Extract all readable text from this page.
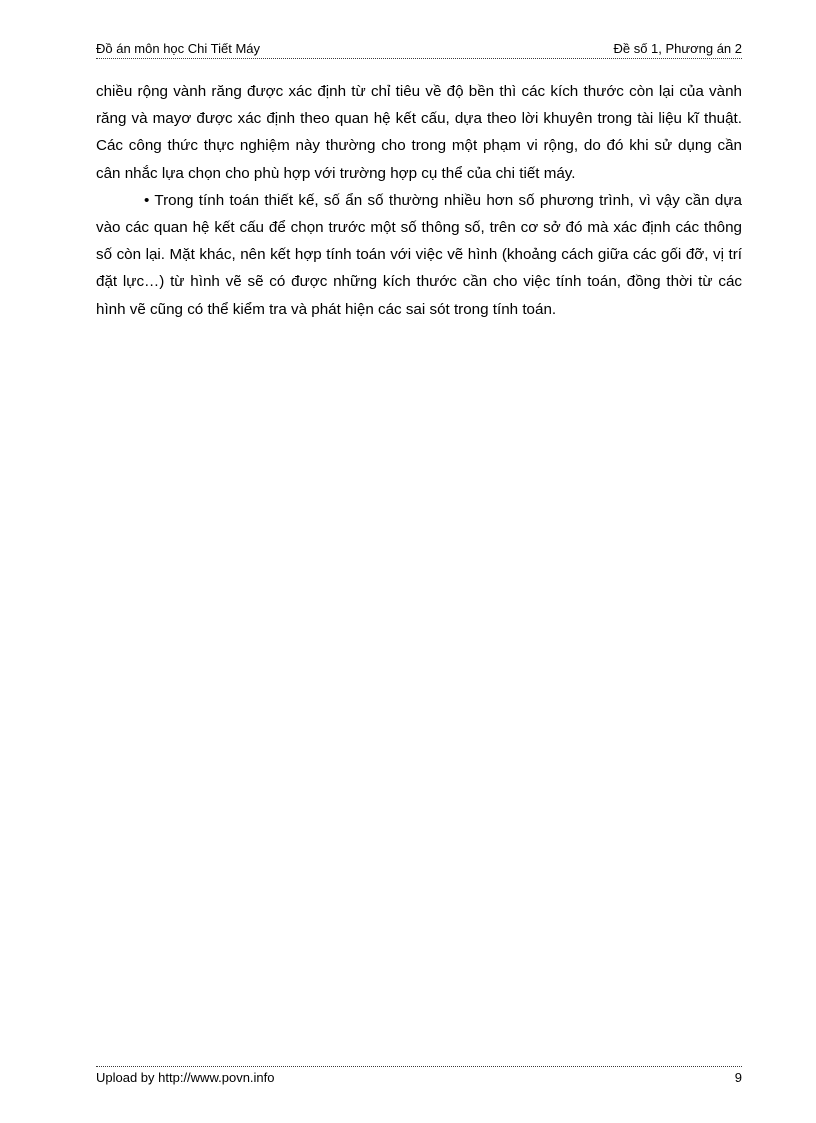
Đồ án môn học Chi Tiết Máy	Đề số 1, Phương án 2

chiều rộng vành răng được xác định từ chỉ tiêu về độ bền thì các kích thước còn lại của vành răng và mayơ được xác định theo quan hệ kết cấu, dựa theo lời khuyên trong tài liệu kĩ thuật. Các công thức thực nghiệm này thường cho trong một phạm vi rộng, do đó khi sử dụng cần cân nhắc lựa chọn cho phù hợp với trường hợp cụ thể của chi tiết máy.

• Trong tính toán thiết kế, số ẩn số thường nhiều hơn số phương trình, vì vậy cần dựa vào các quan hệ kết cấu để chọn trước một số thông số, trên cơ sở đó mà xác định các thông số còn lại. Mặt khác, nên kết hợp tính toán với việc vẽ hình (khoảng cách giữa các gối đỡ, vị trí đặt lực…) từ hình vẽ sẽ có được những kích thước cần cho việc tính toán, đồng thời từ các hình vẽ cũng có thể kiểm tra và phát hiện các sai sót trong tính toán.

Upload by http://www.povn.info	9
